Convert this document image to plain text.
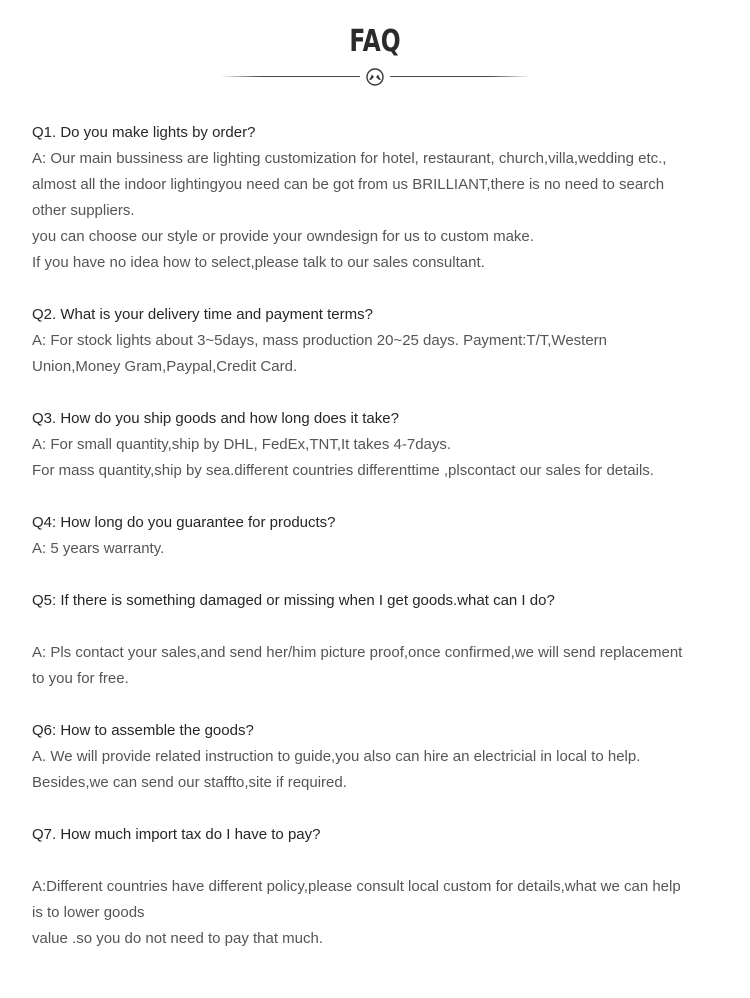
FAQ

Q1. Do you make lights by order?

A: Our main bussiness are lighting customization for hotel, restaurant, church,villa,wedding etc.,

almost all the indoor lightingyou need can be got from us BRILLIANT,there is no need to search

other suppliers.

you can choose our style or provide your owndesign for us to custom make.

If you have no idea how to select,please talk to our sales consultant.

Q2. What is your delivery time and payment terms?

A: For stock lights about 3~5days, mass production 20~25 days. Payment:T/T,Western

Union,Money Gram,Paypal,Credit Card.

Q3. How do you ship goods and how long does it take?

A: For small quantity,ship by DHL, FedEx,TNT,It takes 4-7days.

For mass quantity,ship by sea.different countries differenttime ,plscontact our sales for details.

Q4: How long do you guarantee for products?

A: 5 years warranty.

Q5: If there is something damaged or missing when I get goods.what can I do?

A: Pls contact your sales,and send her/him picture proof,once confirmed,we will send replacement

to you for free.

Q6: How to assemble the goods?

A. We will provide related instruction to guide,you also can hire an electricial in local to help.

Besides,we can send our staffto,site if required.

Q7. How much import tax do I have to pay?

A:Different countries have different policy,please consult local custom for details,what we can help

is to lower goods

value .so you do not need to pay that much.
